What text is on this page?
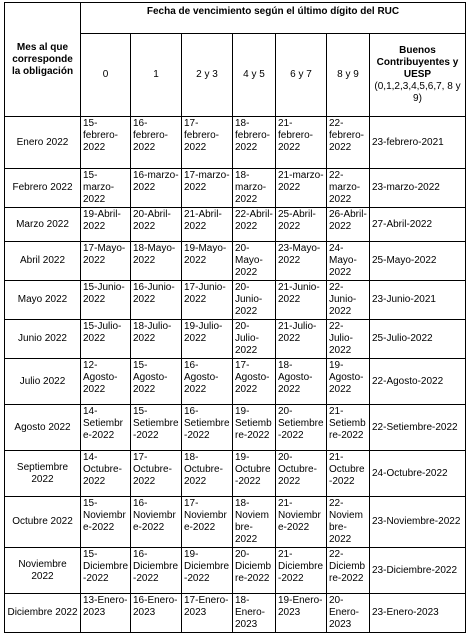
Mes al que corresponde la obligación	Fecha de vencimiento según el último dígito del RUC						
	0	1	2 y 3	4 y 5	6 y 7	8 y 9	Buenos Contribuyentes y UESP
(0,1,2,3,4,5,6,7, 8 y 9)
Enero 2022	15-febrero-2022	16-febrero-2022	17-febrero-2022	18-febrero-2022	21-febrero-2022	22-febrero-2022	23-febrero-2021
Febrero 2022	15-marzo-2022	16-marzo-2022	17-marzo-2022	18-marzo-2022	21-marzo-2022	22-marzo-2022	23-marzo-2022
Marzo 2022	19-Abril-2022	20-Abril-2022	21-Abril-2022	22-Abril-2022	25-Abril-2022	26-Abril-2022	27-Abril-2022
Abril 2022	17-Mayo-2022	18-Mayo-2022	19-Mayo-2022	20-Mayo-2022	23-Mayo-2022	24-Mayo-2022	25-Mayo-2022
Mayo 2022	15-Junio-2022	16-Junio-2022	17-Junio-2022	20-Junio-2022	21-Junio-2022	22-Junio-2022	23-Junio-2021
Junio 2022	15-Julio-2022	18-Julio-2022	19-Julio-2022	20-Julio-2022	21-Julio-2022	22-Julio-2022	25-Julio-2022
Julio 2022	12-Agosto-2022	15-Agosto-2022	16-Agosto-2022	17-Agosto-2022	18-Agosto-2022	19-Agosto-2022	22-Agosto-2022
Agosto 2022	14-Setiembre-2022	15-Setiembre-2022	16-Setiembre-2022	19-Setiembre-2022	20-Setiembre-2022	21-Setiembre-2022	22-Setiembre-2022
Septiembre 2022	14-Octubre-2022	17-Octubre-2022	18-Octubre-2022	19-Octubre-2022	20-Octubre-2022	21-Octubre-2022	24-Octubre-2022
Octubre 2022	15-Noviembre-2022	16-Noviembre-2022	17-Noviembre-2022	18-Noviembre-2022	21-Noviembre-2022	22-Noviembre-2022	23-Noviembre-2022
Noviembre 2022	15-Diciembre-2022	16-Diciembre-2022	19-Diciembre-2022	20-Diciembre-2022	21-Diciembre-2022	22-Diciembre-2022	23-Diciembre-2022
Diciembre 2022	13-Enero-2023	16-Enero-2023	17-Enero-2023	18-Enero-2023	19-Enero-2023	20-Enero-2023	23-Enero-2023
